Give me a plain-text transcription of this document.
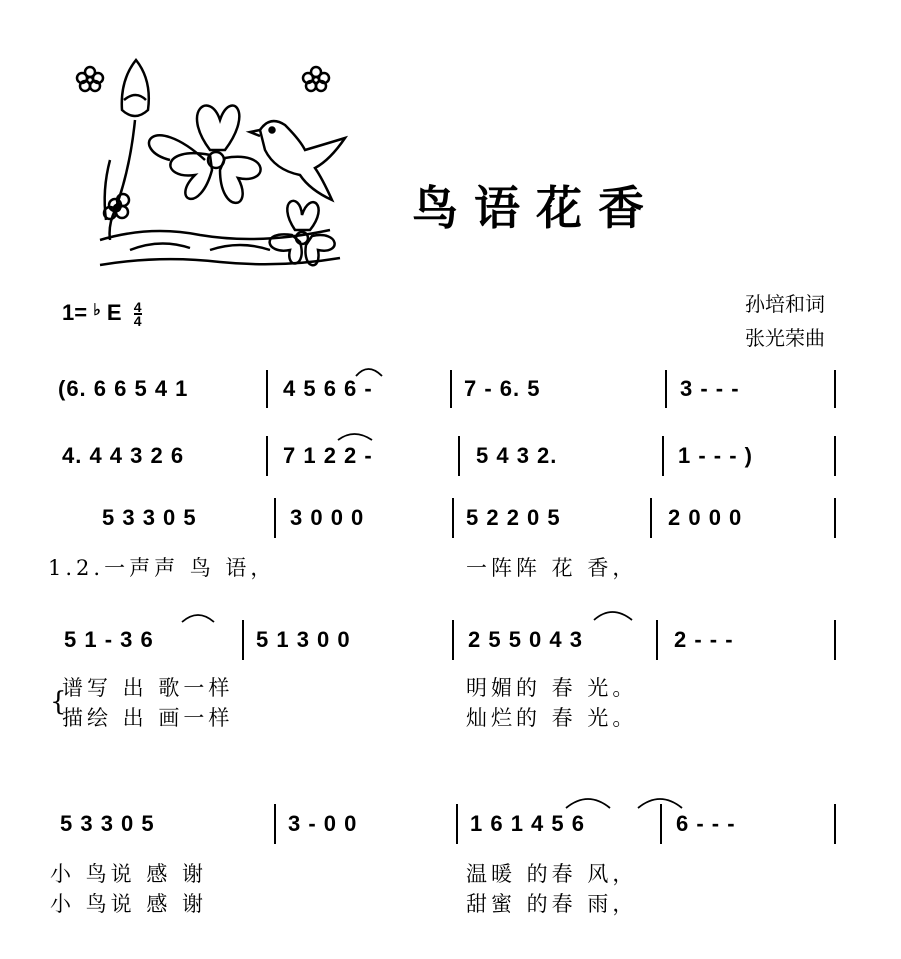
鸟语花香
孙培和词
张光荣曲
1= ♭ E $\frac{4}{4}$
(6. 6 6 5 4 1	4 5 6 6 -	7 - 6. 5	3 - - -
4. 4 4 3 2 6	7 1 2 2 -	5 4 3 2.	1 - - - )
5 3 3 0 5	3 0 0 0	5 2 2 0 5	2 0 0 0
1.2.一声声 鸟 语，	一阵阵 花 香，
5 1 - 3 6	5 1 3 0 0	2 5 5 0 4 3	2 - - -
{
谱写 出 歌一样	明媚的 春 光。
描绘 出 画一样	灿烂的 春 光。
5 3 3 0 5	3 - 0 0	1 6 1 4 5 6	6 - - -
小 鸟说 感 谢	温暖 的春 风，
小 鸟说 感 谢	甜蜜 的春 雨，
